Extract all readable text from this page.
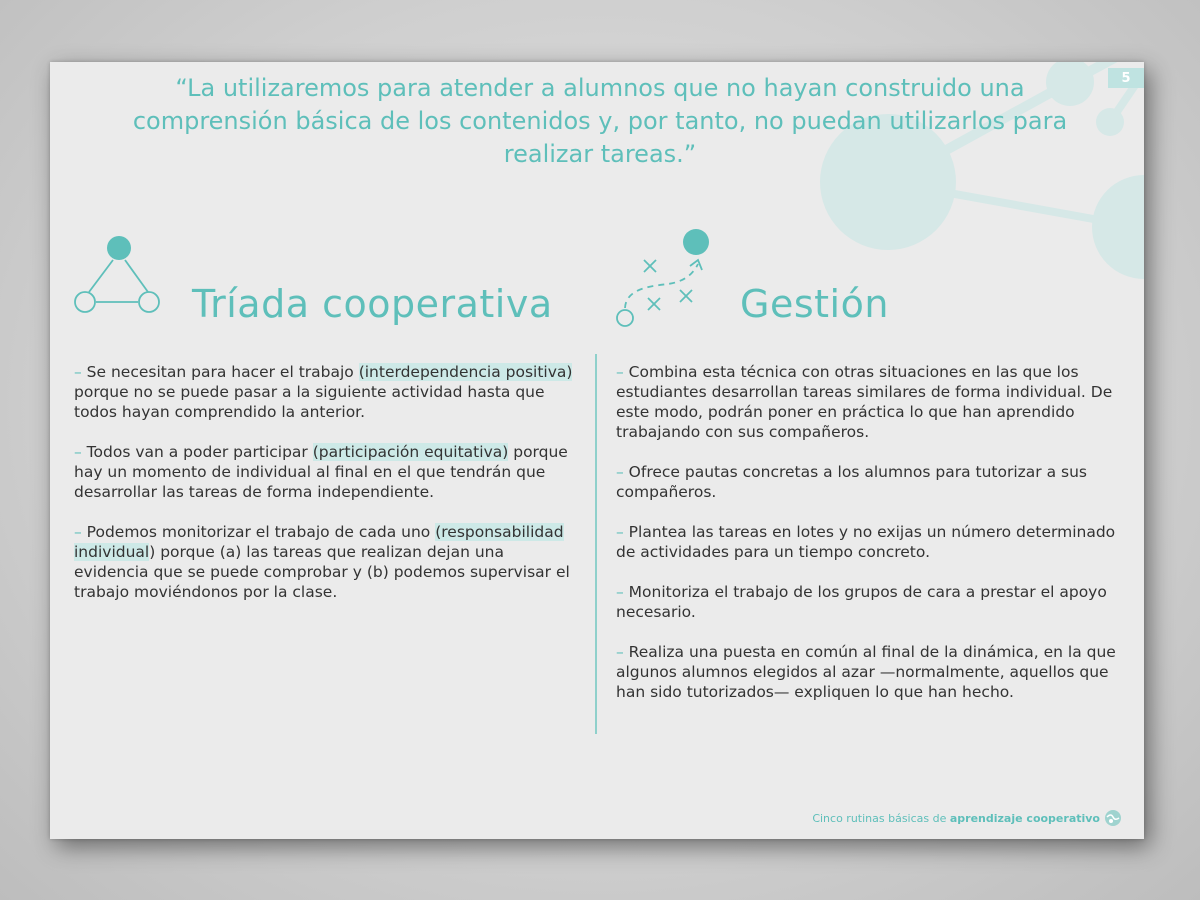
5
“La utilizaremos para atender a alumnos que no hayan construido una comprensión básica de los contenidos y, por tanto, no puedan utilizarlos para realizar tareas.”
Tríada cooperativa	Gestión

– Se necesitan para hacer el trabajo (interdependencia positiva) porque no se puede pasar a la siguiente actividad hasta que todos hayan comprendido la anterior.

– Todos van a poder participar (participación equitativa) porque hay un momento de individual al final en el que tendrán que desarrollar las tareas de forma independiente.

– Podemos monitorizar el trabajo de cada uno (responsabilidad individual) porque (a) las tareas que realizan dejan una evidencia que se puede comprobar y (b) podemos supervisar el trabajo moviéndonos por la clase.

– Combina esta técnica con otras situaciones en las que los estudiantes desarrollan tareas similares de forma individual. De este modo, podrán poner en práctica lo que han aprendido trabajando con sus compañeros.

– Ofrece pautas concretas a los alumnos para tutorizar a sus compañeros.

– Plantea las tareas en lotes y no exijas un número determinado de actividades para un tiempo concreto.

– Monitoriza el trabajo de los grupos de cara a prestar el apoyo necesario.

– Realiza una puesta en común al final de la dinámica, en la que algunos alumnos elegidos al azar —normalmente, aquellos que han sido tutorizados— expliquen lo que han hecho.

Cinco rutinas básicas de aprendizaje cooperativo
